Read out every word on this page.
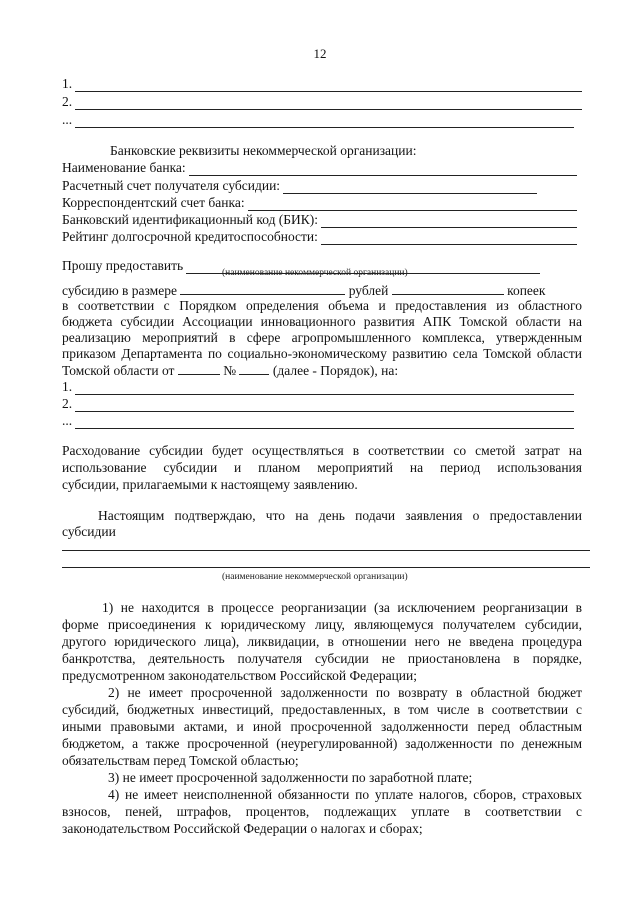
12
1.
2.
...
Банковские реквизиты некоммерческой организации:
Наименование банка:
Расчетный счет получателя субсидии:
Корреспондентский счет банка:
Банковский идентификационный код (БИК):
Рейтинг долгосрочной кредитоспособности:
Прошу предоставить	(наименование некоммерческой организации)
субсидию в размере	рублей	копеек
в соответствии с Порядком определения объема и предоставления из областного
бюджета субсидии Ассоциации инновационного развития АПК Томской области на
реализацию мероприятий в сфере агропромышленного комплекса, утвержденным
приказом Департамента по социально-экономическому развитию села Томской области
Томской области от	№	(далее - Порядок), на:
1.
2.
...
Расходование субсидии будет осуществляться в соответствии со сметой затрат на
использование субсидии и планом мероприятий на период использования
субсидии, прилагаемыми к настоящему заявлению.
Настоящим подтверждаю, что на день подачи заявления о предоставлении
субсидии
(наименование некоммерческой организации)
1) не находится в процессе реорганизации (за исключением реорганизации в
форме присоединения к юридическому лицу, являющемуся получателем субсидии,
другого юридического лица), ликвидации, в отношении него не введена процедура
банкротства, деятельность получателя субсидии не приостановлена в порядке,
предусмотренном законодательством Российской Федерации;
2) не имеет просроченной задолженности по возврату в областной бюджет
субсидий, бюджетных инвестиций, предоставленных, в том числе в соответствии с
иными правовыми актами, и иной просроченной задолженности перед областным
бюджетом, а также просроченной (неурегулированной) задолженности по денежным
обязательствам перед Томской областью;
3) не имеет просроченной задолженности по заработной плате;
4) не имеет неисполненной обязанности по уплате налогов, сборов, страховых
взносов, пеней, штрафов, процентов, подлежащих уплате в соответствии с
законодательством Российской Федерации о налогах и сборах;
